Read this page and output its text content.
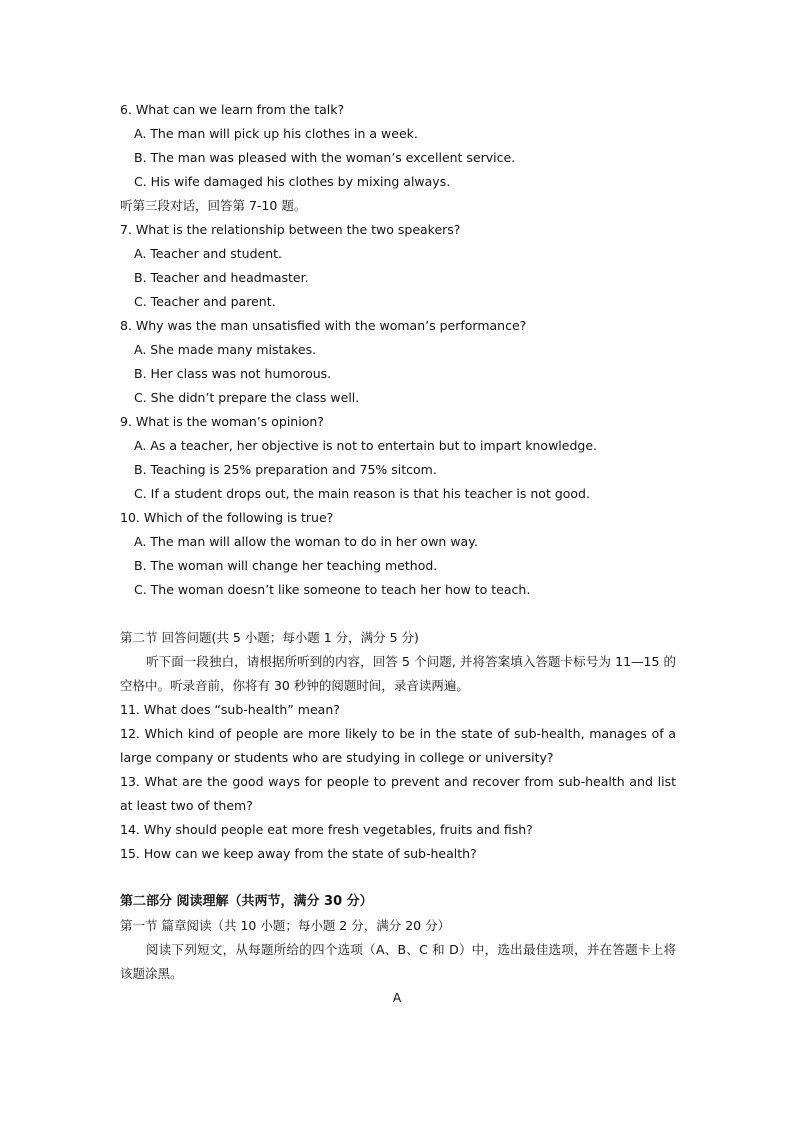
6. What can we learn from the talk?
A. The man will pick up his clothes in a week.
B. The man was pleased with the woman’s excellent service.
C. His wife damaged his clothes by mixing always.
听第三段对话，回答第 7-10 题。
7. What is the relationship between the two speakers?
A. Teacher and student.
B. Teacher and headmaster.
C. Teacher and parent.
8. Why was the man unsatisfied with the woman’s performance?
A. She made many mistakes.
B. Her class was not humorous.
C. She didn’t prepare the class well.
9. What is the woman’s opinion?
A. As a teacher, her objective is not to entertain but to impart knowledge.
B. Teaching is 25% preparation and 75% sitcom.
C. If a student drops out, the main reason is that his teacher is not good.
10. Which of the following is true?
A. The man will allow the woman to do in her own way.
B. The woman will change her teaching method.
C. The woman doesn’t like someone to teach her how to teach.
第二节 回答问题(共 5 小题；每小题 1 分，满分 5 分)
听下面一段独白，请根据所听到的内容，回答 5 个问题, 并将答案填入答题卡标号为 11—15 的空格中。听录音前，你将有 30 秒钟的阅题时间，录音读两遍。
11. What does “sub-health” mean?
12. Which kind of people are more likely to be in the state of sub-health, manages of a large company or students who are studying in college or university?
13. What are the good ways for people to prevent and recover from sub-health and list at least two of them?
14. Why should people eat more fresh vegetables, fruits and fish?
15. How can we keep away from the state of sub-health?
第二部分 阅读理解（共两节，满分 30 分）
第一节 篇章阅读（共 10 小题；每小题 2 分，满分 20 分）
阅读下列短文，从每题所给的四个选项（A、B、C 和 D）中，选出最佳选项，并在答题卡上将该题涂黑。
A
